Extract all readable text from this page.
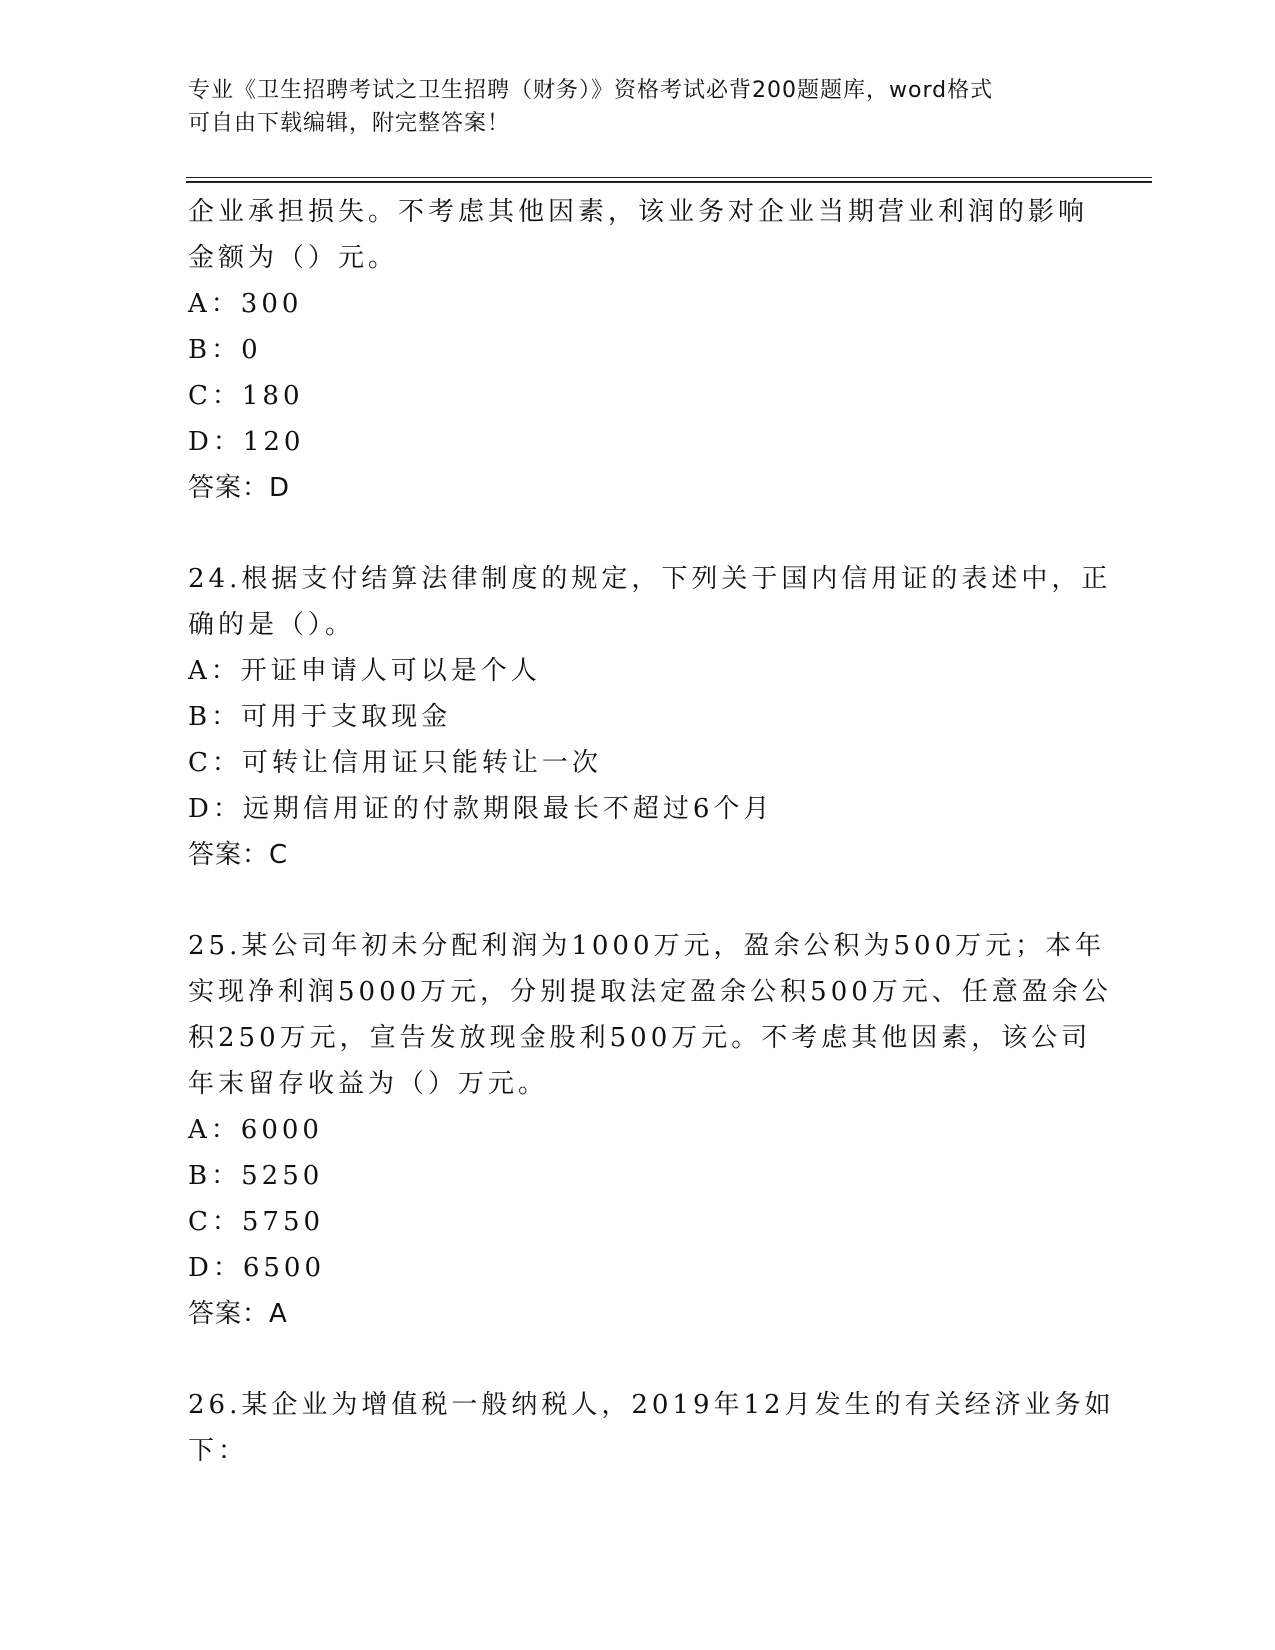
专业《卫生招聘考试之卫生招聘（财务）》资格考试必背200题题库，word格式
可自由下载编辑，附完整答案！
企业承担损失。不考虑其他因素，该业务对企业当期营业利润的影响
金额为（）元。
A：300
B：0
C：180
D：120
答案：D
24.根据支付结算法律制度的规定，下列关于国内信用证的表述中，正
确的是（）。
A：开证申请人可以是个人
B：可用于支取现金
C：可转让信用证只能转让一次
D：远期信用证的付款期限最长不超过6个月
答案：C
25.某公司年初未分配利润为1000万元，盈余公积为500万元；本年
实现净利润5000万元，分别提取法定盈余公积500万元、任意盈余公
积250万元，宣告发放现金股利500万元。不考虑其他因素，该公司
年末留存收益为（）万元。
A：6000
B：5250
C：5750
D：6500
答案：A
26.某企业为增值税一般纳税人，2019年12月发生的有关经济业务如
下：
